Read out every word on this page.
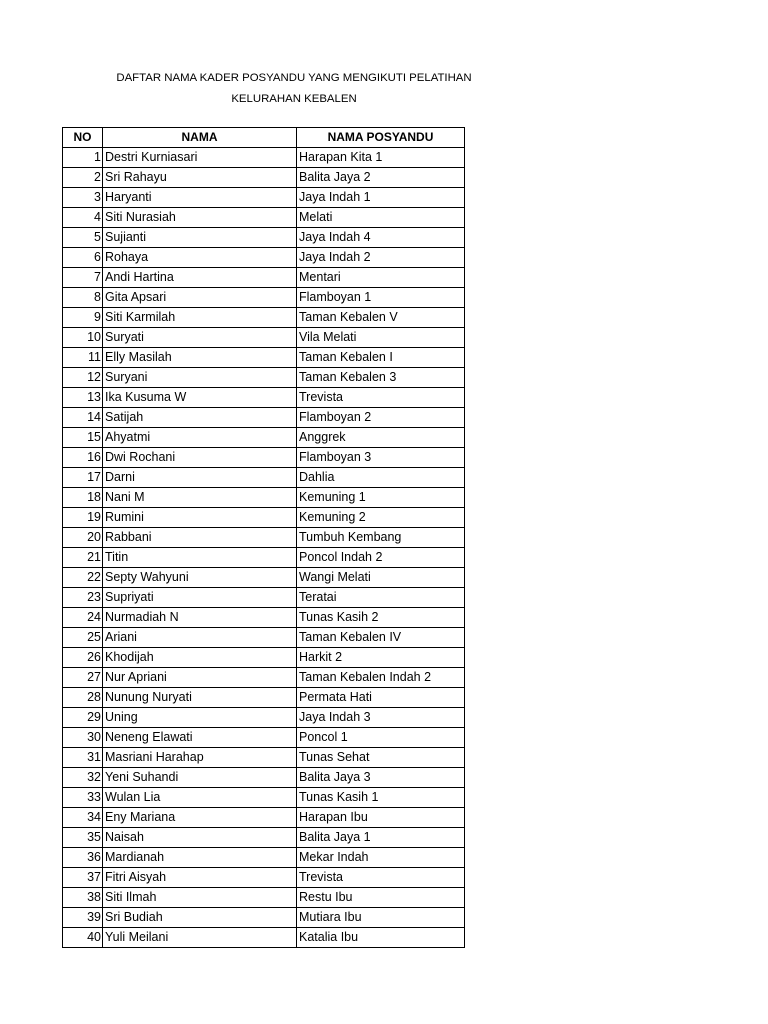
DAFTAR NAMA KADER POSYANDU YANG MENGIKUTI PELATIHAN
KELURAHAN KEBALEN
NO	NAMA	NAMA POSYANDU
1 Destri Kurniasari	Harapan Kita 1
2 Sri Rahayu	Balita Jaya 2
3 Haryanti	Jaya Indah 1
4 Siti Nurasiah	Melati
5 Sujianti	Jaya Indah 4
6 Rohaya	Jaya Indah 2
7 Andi Hartina	Mentari
8 Gita Apsari	Flamboyan 1
9 Siti Karmilah	Taman Kebalen V
10 Suryati	Vila Melati
11 Elly Masilah	Taman Kebalen I
12 Suryani	Taman Kebalen 3
13 Ika Kusuma W	Trevista
14 Satijah	Flamboyan 2
15 Ahyatmi	Anggrek
16 Dwi Rochani	Flamboyan 3
17 Darni	Dahlia
18 Nani M	Kemuning 1
19 Rumini	Kemuning 2
20 Rabbani	Tumbuh Kembang
21 Titin	Poncol Indah 2
22 Septy Wahyuni	Wangi Melati
23 Supriyati	Teratai
24 Nurmadiah N	Tunas Kasih 2
25 Ariani	Taman Kebalen IV
26 Khodijah	Harkit 2
27 Nur Apriani	Taman Kebalen Indah 2
28 Nunung Nuryati	Permata Hati
29 Uning	Jaya Indah 3
30 Neneng Elawati	Poncol 1
31 Masriani Harahap	Tunas Sehat
32 Yeni Suhandi	Balita Jaya 3
33 Wulan Lia	Tunas Kasih 1
34 Eny Mariana	Harapan Ibu
35 Naisah	Balita Jaya 1
36 Mardianah	Mekar Indah
37 Fitri Aisyah	Trevista
38 Siti Ilmah	Restu Ibu
39 Sri Budiah	Mutiara Ibu
40 Yuli Meilani	Katalia Ibu
